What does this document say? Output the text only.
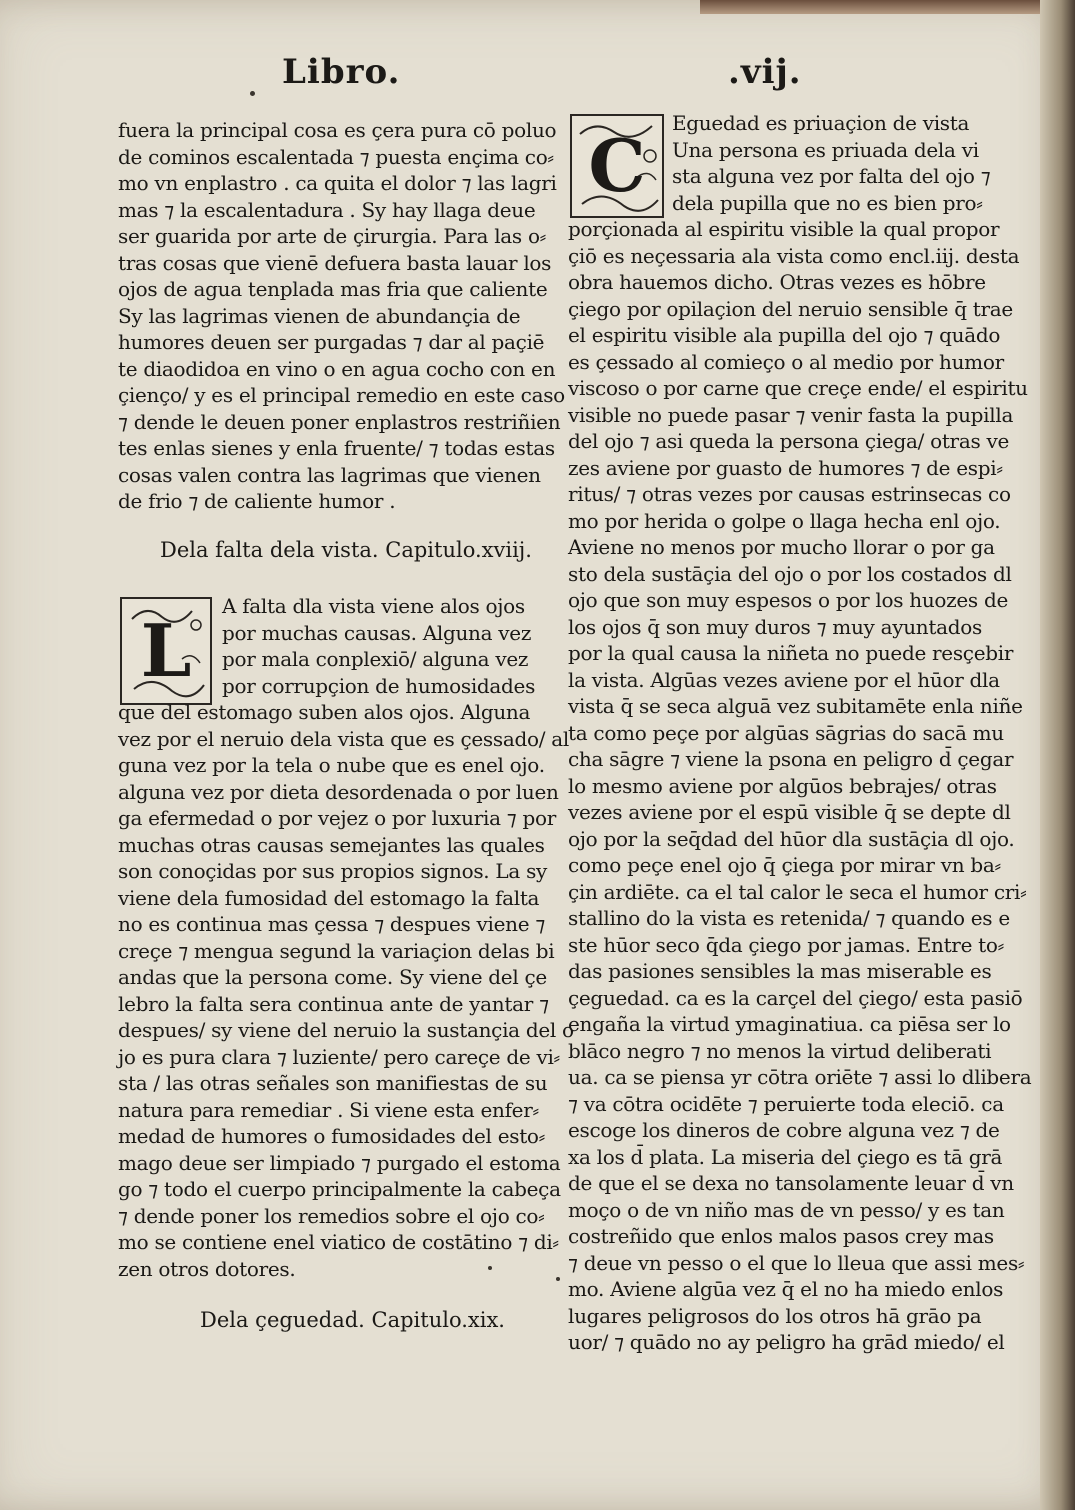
Libro.	.vij.
fuera la principal cosa es çera pura cō poluo
de cominos escalentada ⁊ puesta ençima co⸗
mo vn enplastro . ca quita el dolor ⁊ las lagri
mas ⁊ la escalentadura . Sy hay llaga deue
ser guarida por arte de çirurgia. Para las o⸗
tras cosas que vienē defuera basta lauar los
ojos de agua tenplada mas fria que caliente
Sy las lagrimas vienen de abundançia de
humores deuen ser purgadas ⁊ dar al paçiē
te diaodidoa en vino o en agua cocho con en
çienço/ y es el principal remedio en este caso
⁊ dende le deuen poner enplastros restriñien
tes enlas sienes y enla fruente/ ⁊ todas estas
cosas valen contra las lagrimas que vienen
de frio ⁊ de caliente humor .
Dela falta dela vista. Capitulo.xviij.
L
A falta dla vista viene alos ojos
por muchas causas. Alguna vez
por mala conplexiō/ alguna vez
por corrupçion de humosidades
que del estomago suben alos ojos. Alguna
vez por el neruio dela vista que es çessado/ al
guna vez por la tela o nube que es enel ojo.
alguna vez por dieta desordenada o por luen
ga efermedad o por vejez o por luxuria ⁊ por
muchas otras causas semejantes las quales
son conoçidas por sus propios signos. La sy
viene dela fumosidad del estomago la falta
no es continua mas çessa ⁊ despues viene ⁊
creçe ⁊ mengua segund la variaçion delas bi
andas que la persona come. Sy viene del çe
lebro la falta sera continua ante de yantar ⁊
despues/ sy viene del neruio la sustançia del o
jo es pura clara ⁊ luziente/ pero careçe de vi⸗
sta / las otras señales son manifiestas de su
natura para remediar . Si viene esta enfer⸗
medad de humores o fumosidades del esto⸗
mago deue ser limpiado ⁊ purgado el estoma
go ⁊ todo el cuerpo principalmente la cabeça
⁊ dende poner los remedios sobre el ojo co⸗
mo se contiene enel viatico de costātino ⁊ di⸗
zen otros dotores.
Dela çeguedad. Capitulo.xix.
C Eguedad es priuaçion de vista
Una persona es priuada dela vi
sta alguna vez por falta del ojo ⁊
dela pupilla que no es bien pro⸗
porçionada al espiritu visible la qual propor
çiō es neçessaria ala vista como encl.iij. desta
obra hauemos dicho. Otras vezes es hōbre
çiego por opilaçion del neruio sensible q̄ trae
el espiritu visible ala pupilla del ojo ⁊ quādo
es çessado al comieço o al medio por humor
viscoso o por carne que creçe ende/ el espiritu
visible no puede pasar ⁊ venir fasta la pupilla
del ojo ⁊ asi queda la persona çiega/ otras ve
zes aviene por guasto de humores ⁊ de espi⸗
ritus/ ⁊ otras vezes por causas estrinsecas co
mo por herida o golpe o llaga hecha enl ojo.
Aviene no menos por mucho llorar o por ga
sto dela sustāçia del ojo o por los costados dl
ojo que son muy espesos o por los huozes de
los ojos q̄ son muy duros ⁊ muy ayuntados
por la qual causa la niñeta no puede resçebir
la vista. Algūas vezes aviene por el hūor dla
vista q̄ se seca alguā vez subitamēte enla niñe
ta como peçe por algūas sāgrias do sacā mu
cha sāgre ⁊ viene la psona en peligro d̄ çegar
lo mesmo aviene por algūos bebrajes/ otras
vezes aviene por el espū visible q̄ se depte dl
ojo por la seq̄dad del hūor dla sustāçia dl ojo.
como peçe enel ojo q̄ çiega por mirar vn ba⸗
çin ardiēte. ca el tal calor le seca el humor cri⸗
stallino do la vista es retenida/ ⁊ quando es e
ste hūor seco q̄da çiego por jamas. Entre to⸗
das pasiones sensibles la mas miserable es
çeguedad. ca es la carçel del çiego/ esta pasiō
engaña la virtud ymaginatiua. ca piēsa ser lo
blāco negro ⁊ no menos la virtud deliberati
ua. ca se piensa yr cōtra oriēte ⁊ assi lo dlibera
⁊ va cōtra ocidēte ⁊ peruierte toda eleciō. ca
escoge los dineros de cobre alguna vez ⁊ de
xa los d̄ plata. La miseria del çiego es tā grā
de que el se dexa no tansolamente leuar d̄ vn
moço o de vn niño mas de vn pesso/ y es tan
costreñido que enlos malos pasos crey mas
⁊ deue vn pesso o el que lo lleua que assi mes⸗
mo. Aviene algūa vez q̄ el no ha miedo enlos
lugares peligrosos do los otros hā grāo pa
uor/ ⁊ quādo no ay peligro ha grād miedo/ el
